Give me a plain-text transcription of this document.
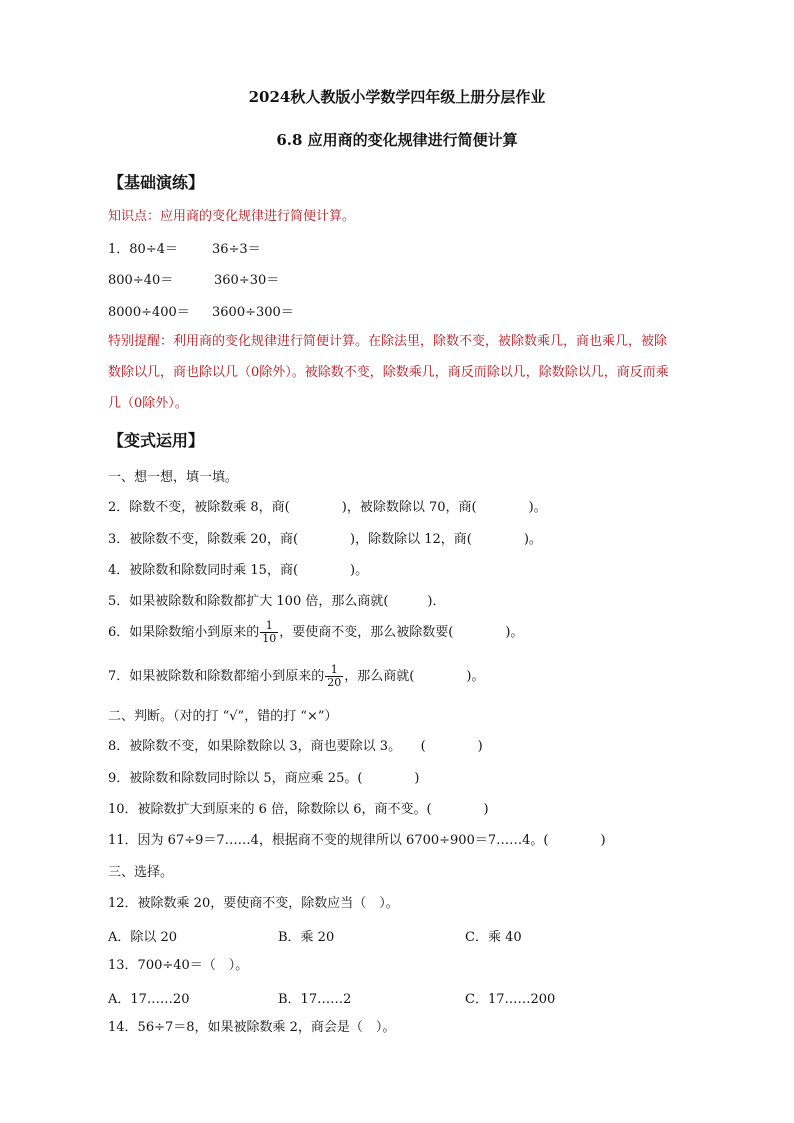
2024秋人教版小学数学四年级上册分层作业
6.8 应用商的变化规律进行简便计算
【基础演练】
知识点：应用商的变化规律进行简便计算。
1．80÷4＝	36÷3＝
800÷40＝	360÷30＝
8000÷400＝ 3600÷300＝
特别提醒：利用商的变化规律进行简便计算。在除法里，除数不变，被除数乘几，商也乘几，被除
数除以几，商也除以几（0除外）。被除数不变，除数乘几，商反而除以几，除数除以几，商反而乘
几（0除外）。
【变式运用】
一、想一想，填一填。
2．除数不变，被除数乘 8，商(　　　　)，被除数除以 70，商(　　　　)。
3．被除数不变，除数乘 20，商(　　　　)，除数除以 12，商(　　　　)。
4．被除数和除数同时乘 15，商(　　　　)。
5．如果被除数和除数都扩大 100 倍，那么商就(　　　)．
6．如果除数缩小到原来的 $\frac{1}{10}$ ，要使商不变，那么被除数要(　　　　)。
7．如果被除数和除数都缩小到原来的 $\frac{1}{20}$ ，那么商就(　　　　)。
二、判断。（对的打 “√”，错的打 “×”）
8．被除数不变，如果除数除以 3，商也要除以 3。　　(　　　　)
9．被除数和除数同时除以 5，商应乘 25。(　　　　)
10．被除数扩大到原来的 6 倍，除数除以 6，商不变。(　　　　)
11．因为 67÷9＝7……4，根据商不变的规律所以 6700÷900＝7……4。(　　　　)
三、选择。
12．被除数乘 20，要使商不变，除数应当（　）。
A．除以 20	B．乘 20	C．乘 40
13．700÷40＝（　）。
A．17……20	B．17……2	C．17……200
14．56÷7＝8，如果被除数乘 2，商会是（　）。
